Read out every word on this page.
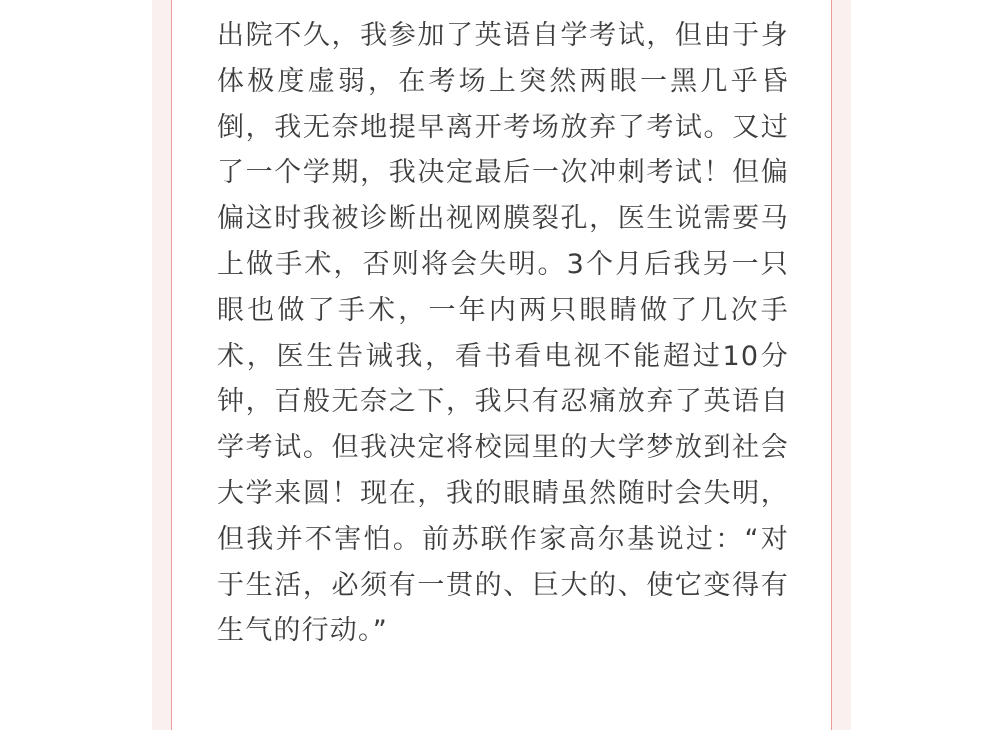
出院不久，我参加了英语自学考试，但由于身体极度虚弱，在考场上突然两眼一黑几乎昏倒，我无奈地提早离开考场放弃了考试。又过了一个学期，我决定最后一次冲刺考试！但偏偏这时我被诊断出视网膜裂孔，医生说需要马上做手术，否则将会失明。3个月后我另一只眼也做了手术，一年内两只眼睛做了几次手术，医生告诫我，看书看电视不能超过10分钟，百般无奈之下，我只有忍痛放弃了英语自学考试。但我决定将校园里的大学梦放到社会大学来圆！现在，我的眼睛虽然随时会失明，但我并不害怕。前苏联作家高尔基说过：“对于生活，必须有一贯的、巨大的、使它变得有生气的行动。”
